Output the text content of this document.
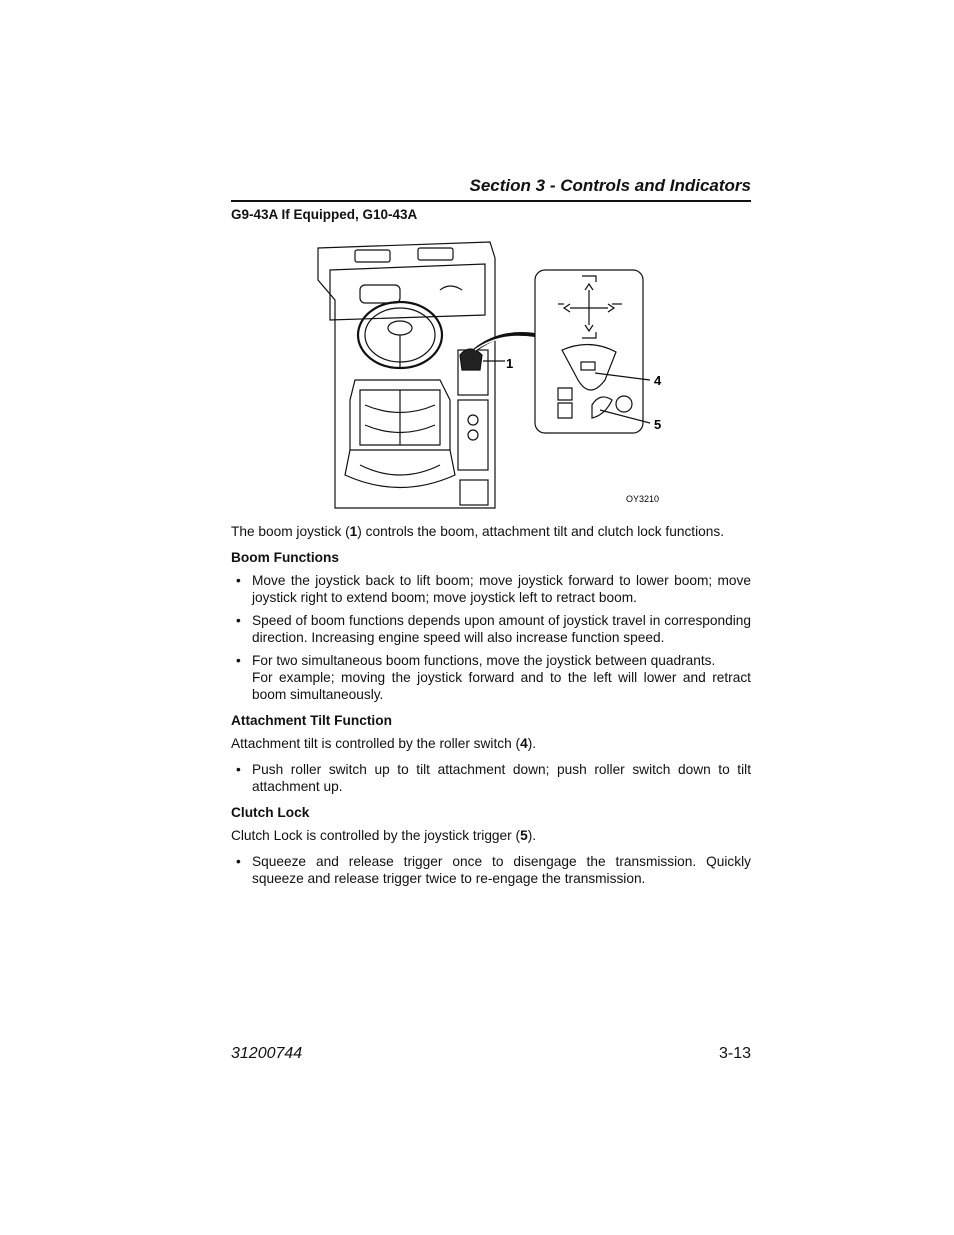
Section 3 - Controls and Indicators
G9-43A If Equipped, G10-43A
1
4
5
OY3210

The boom joystick (1) controls the boom, attachment tilt and clutch lock functions.

Boom Functions
• Move the joystick back to lift boom; move joystick forward to lower boom; move joystick right to extend boom; move joystick left to retract boom.
• Speed of boom functions depends upon amount of joystick travel in corresponding direction. Increasing engine speed will also increase function speed.
• For two simultaneous boom functions, move the joystick between quadrants.
For example; moving the joystick forward and to the left will lower and retract boom simultaneously.
Attachment Tilt Function

Attachment tilt is controlled by the roller switch (4).

• Push roller switch up to tilt attachment down; push roller switch down to tilt attachment up.
Clutch Lock

Clutch Lock is controlled by the joystick trigger (5).

• Squeeze and release trigger once to disengage the transmission. Quickly squeeze and release trigger twice to re-engage the transmission.
31200744	3-13
